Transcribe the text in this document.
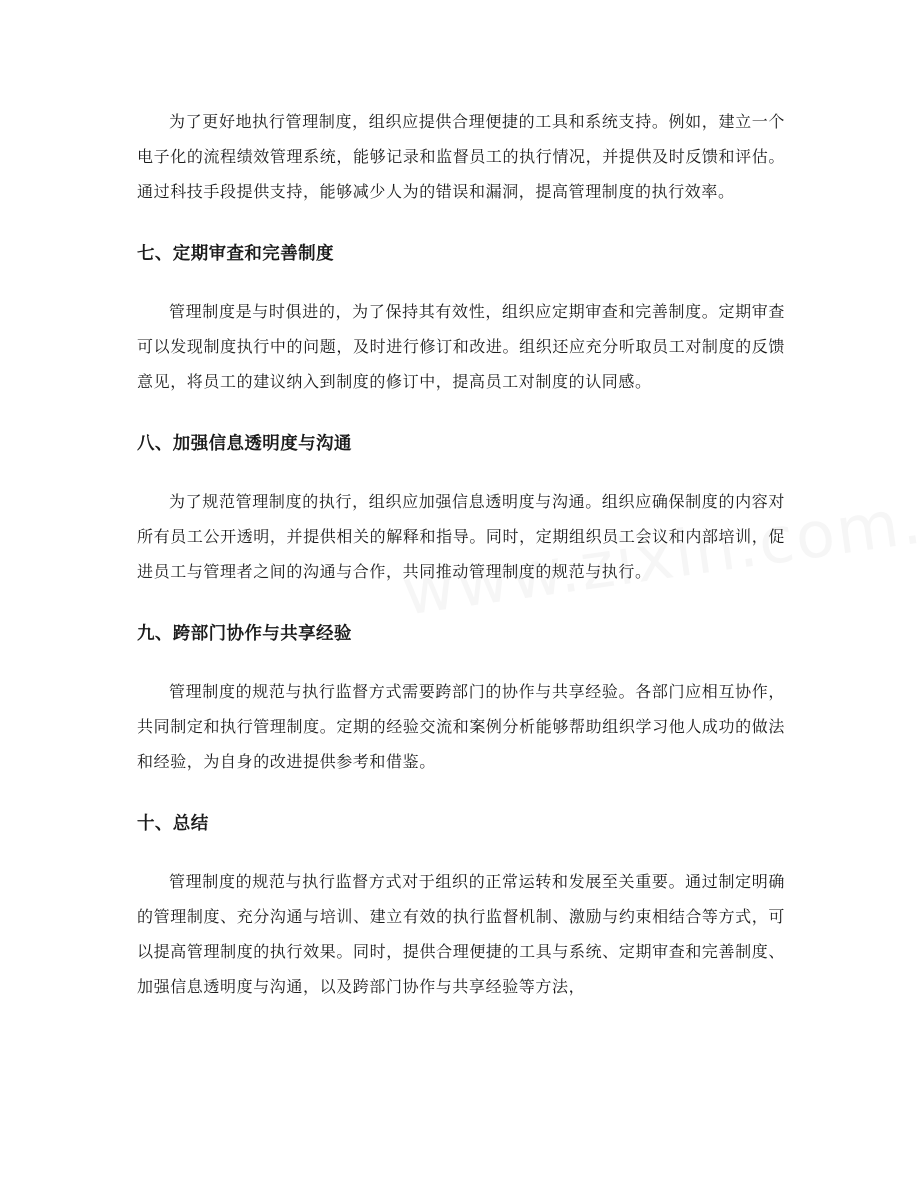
为了更好地执行管理制度，组织应提供合理便捷的工具和系统支持。例如，建立一个电子化的流程绩效管理系统，能够记录和监督员工的执行情况，并提供及时反馈和评估。通过科技手段提供支持，能够减少人为的错误和漏洞，提高管理制度的执行效率。

七、定期审查和完善制度

管理制度是与时俱进的，为了保持其有效性，组织应定期审查和完善制度。定期审查可以发现制度执行中的问题，及时进行修订和改进。组织还应充分听取员工对制度的反馈意见，将员工的建议纳入到制度的修订中，提高员工对制度的认同感。

八、加强信息透明度与沟通

为了规范管理制度的执行，组织应加强信息透明度与沟通。组织应确保制度的内容对所有员工公开透明，并提供相关的解释和指导。同时，定期组织员工会议和内部培训，促进员工与管理者之间的沟通与合作，共同推动管理制度的规范与执行。

九、跨部门协作与共享经验

管理制度的规范与执行监督方式需要跨部门的协作与共享经验。各部门应相互协作，共同制定和执行管理制度。定期的经验交流和案例分析能够帮助组织学习他人成功的做法和经验，为自身的改进提供参考和借鉴。

十、总结

管理制度的规范与执行监督方式对于组织的正常运转和发展至关重要。通过制定明确的管理制度、充分沟通与培训、建立有效的执行监督机制、激励与约束相结合等方式，可以提高管理制度的执行效果。同时，提供合理便捷的工具与系统、定期审查和完善制度、加强信息透明度与沟通，以及跨部门协作与共享经验等方法，
